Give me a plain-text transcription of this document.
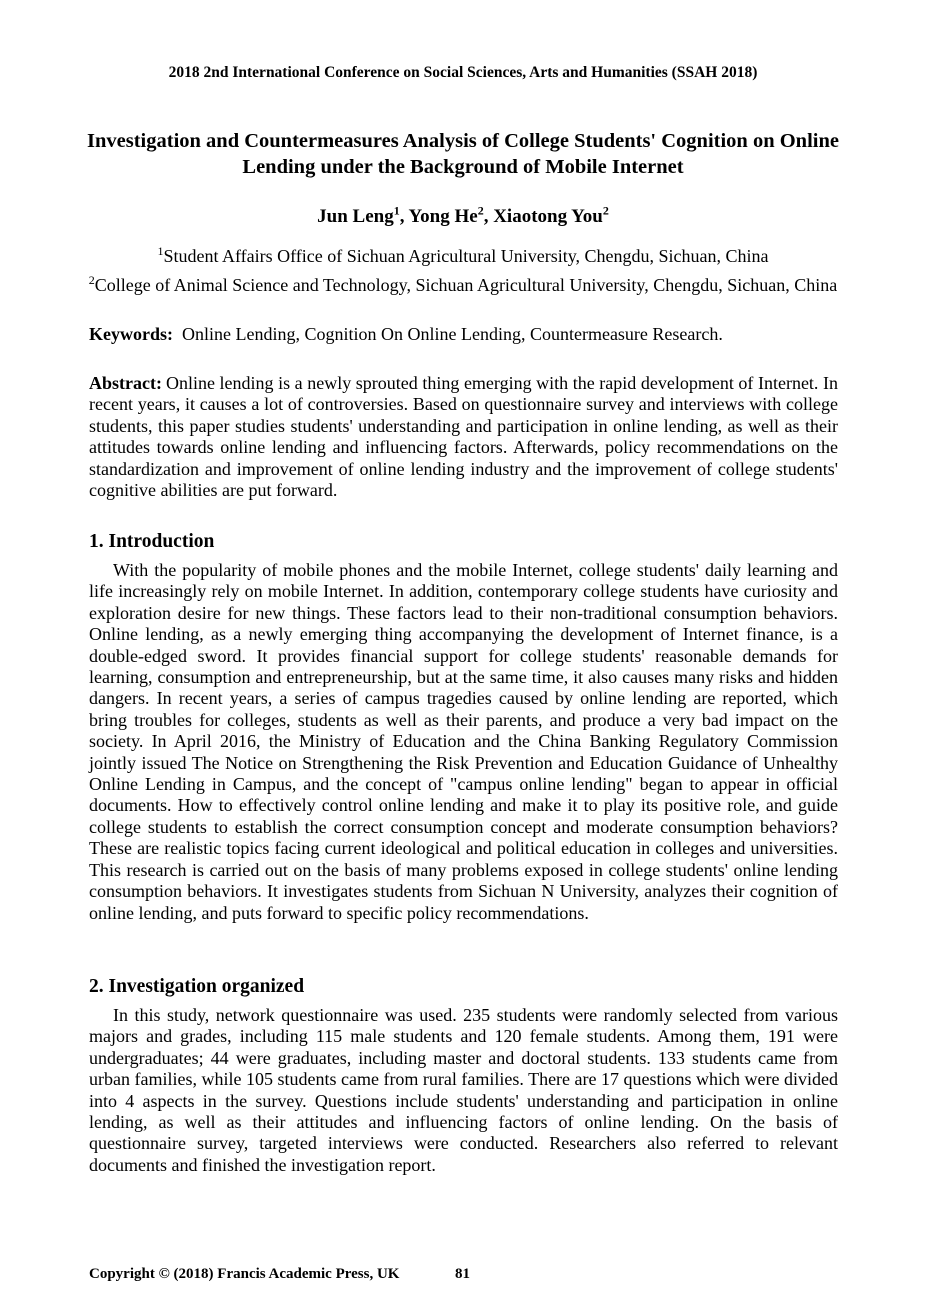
2018 2nd International Conference on Social Sciences, Arts and Humanities (SSAH 2018)
Investigation and Countermeasures Analysis of College Students' Cognition on Online Lending under the Background of Mobile Internet
Jun Leng$^1$, Yong He$^2$, Xiaotong You$^2$
$^1$Student Affairs Office of Sichuan Agricultural University, Chengdu, Sichuan, China
$^2$College of Animal Science and Technology, Sichuan Agricultural University, Chengdu, Sichuan, China
Keywords: Online Lending, Cognition On Online Lending, Countermeasure Research.
Abstract: Online lending is a newly sprouted thing emerging with the rapid development of Internet. In recent years, it causes a lot of controversies. Based on questionnaire survey and interviews with college students, this paper studies students' understanding and participation in online lending, as well as their attitudes towards online lending and influencing factors. Afterwards, policy recommendations on the standardization and improvement of online lending industry and the improvement of college students' cognitive abilities are put forward.
1. Introduction
With the popularity of mobile phones and the mobile Internet, college students' daily learning and life increasingly rely on mobile Internet. In addition, contemporary college students have curiosity and exploration desire for new things. These factors lead to their non-traditional consumption behaviors. Online lending, as a newly emerging thing accompanying the development of Internet finance, is a double-edged sword. It provides financial support for college students' reasonable demands for learning, consumption and entrepreneurship, but at the same time, it also causes many risks and hidden dangers. In recent years, a series of campus tragedies caused by online lending are reported, which bring troubles for colleges, students as well as their parents, and produce a very bad impact on the society. In April 2016, the Ministry of Education and the China Banking Regulatory Commission jointly issued The Notice on Strengthening the Risk Prevention and Education Guidance of Unhealthy Online Lending in Campus, and the concept of "campus online lending" began to appear in official documents. How to effectively control online lending and make it to play its positive role, and guide college students to establish the correct consumption concept and moderate consumption behaviors? These are realistic topics facing current ideological and political education in colleges and universities. This research is carried out on the basis of many problems exposed in college students' online lending consumption behaviors. It investigates students from Sichuan N University, analyzes their cognition of online lending, and puts forward to specific policy recommendations.
2. Investigation organized
In this study, network questionnaire was used. 235 students were randomly selected from various majors and grades, including 115 male students and 120 female students. Among them, 191 were undergraduates; 44 were graduates, including master and doctoral students. 133 students came from urban families, while 105 students came from rural families. There are 17 questions which were divided into 4 aspects in the survey. Questions include students' understanding and participation in online lending, as well as their attitudes and influencing factors of online lending. On the basis of questionnaire survey, targeted interviews were conducted. Researchers also referred to relevant documents and finished the investigation report.
Copyright © (2018) Francis Academic Press, UK	81
